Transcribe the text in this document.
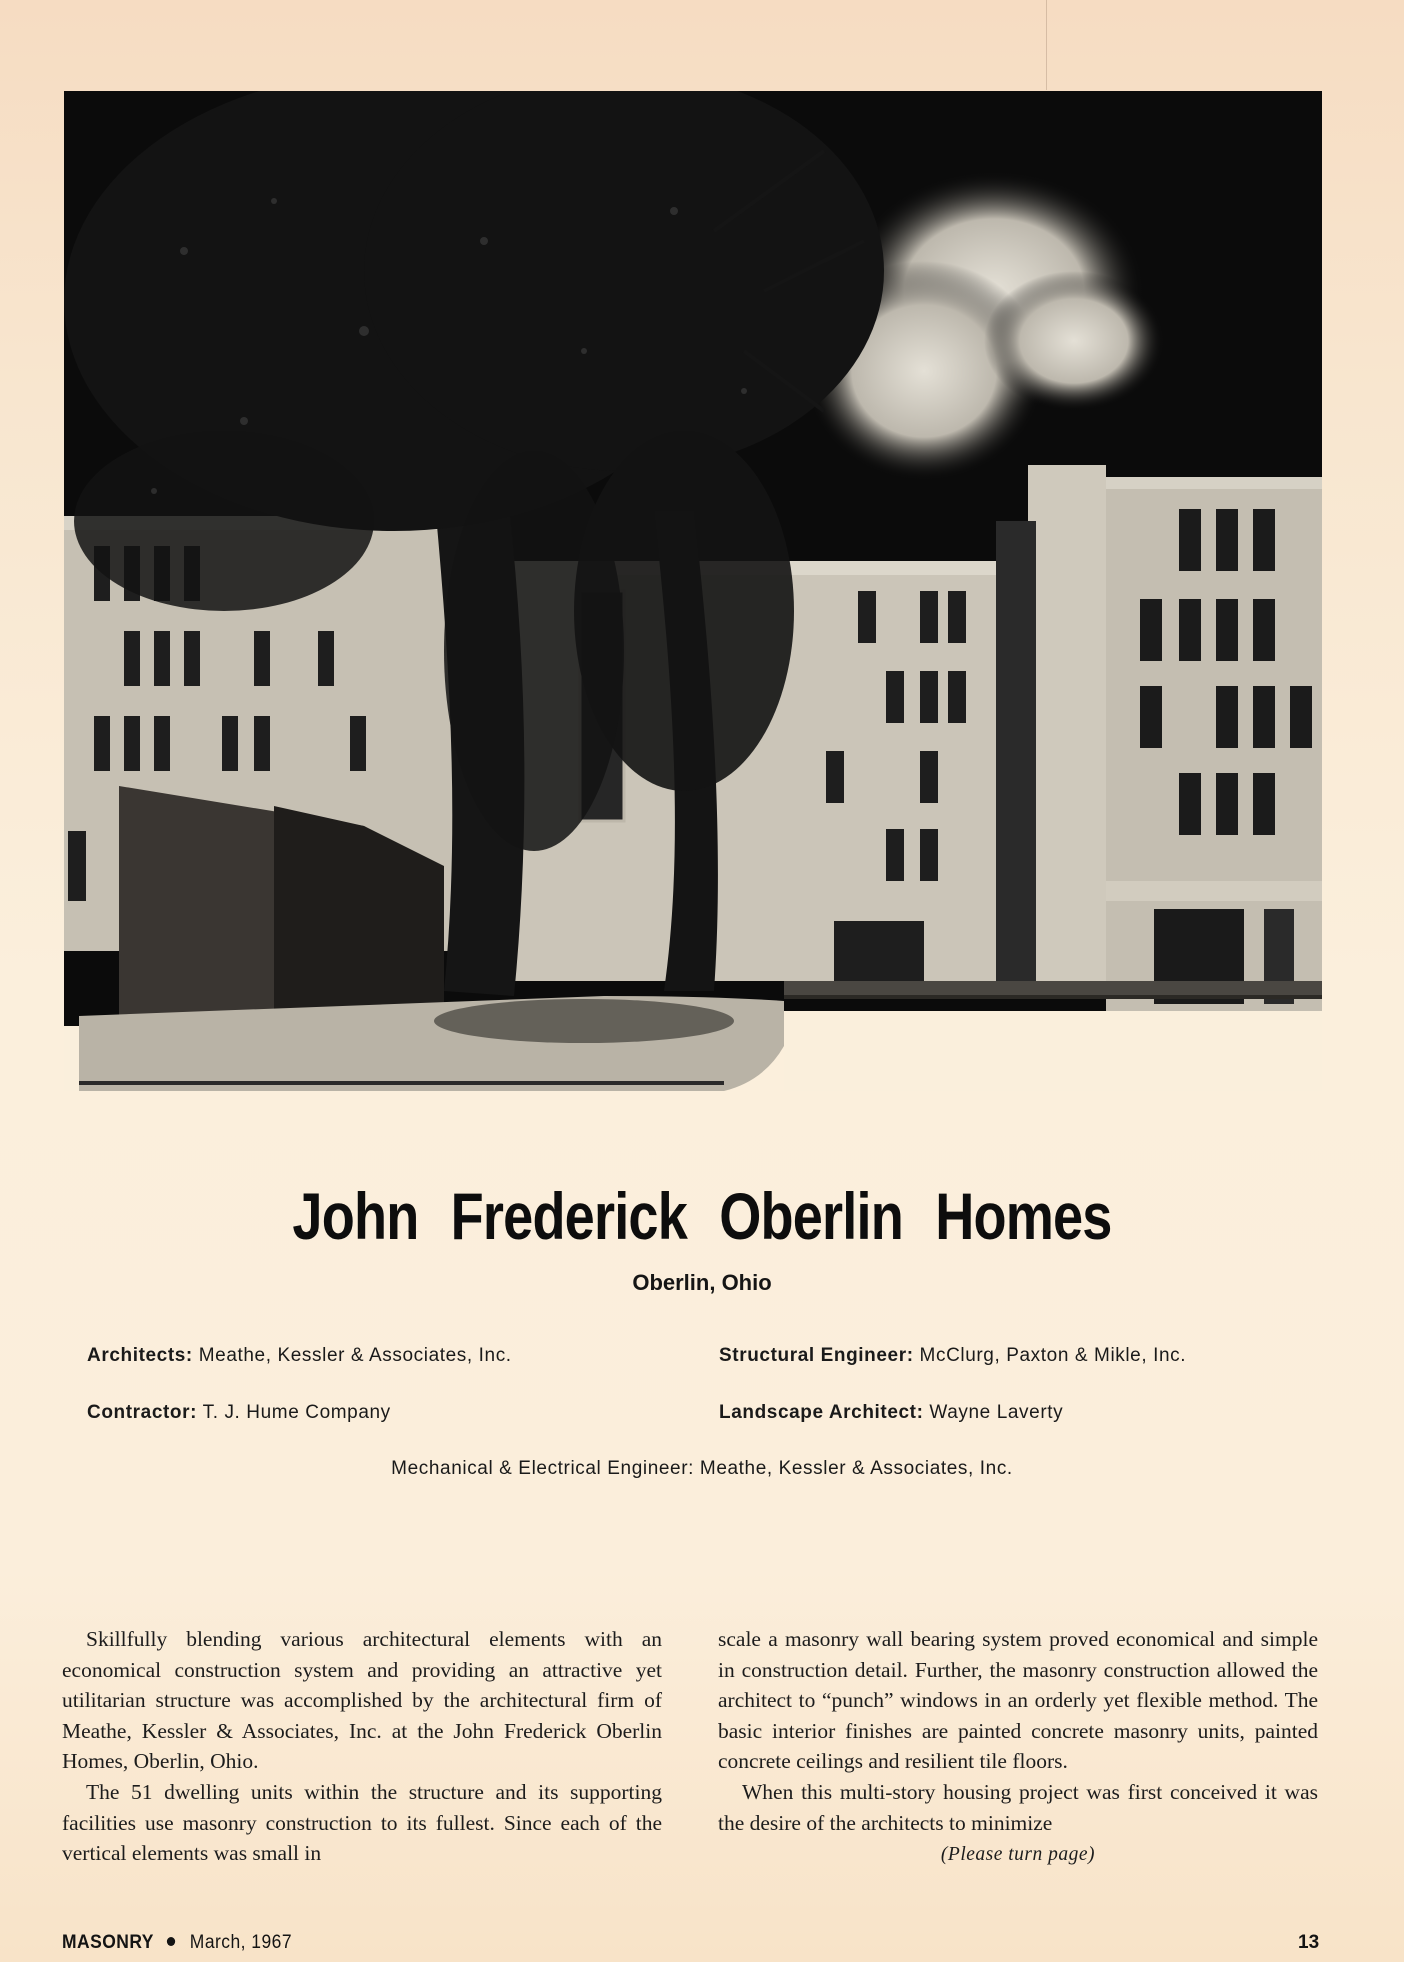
John Frederick Oberlin Homes
Oberlin, Ohio
Architects: Meathe, Kessler & Associates, Inc.
Contractor: T. J. Hume Company
Structural Engineer: McClurg, Paxton & Mikle, Inc.
Landscape Architect: Wayne Laverty
Mechanical & Electrical Engineer: Meathe, Kessler & Associates, Inc.

Skillfully blending various architectural elements with an economical construction system and providing an attractive yet utilitarian structure was accomplished by the architectural firm of Meathe, Kessler & Associates, Inc. at the John Frederick Oberlin Homes, Oberlin, Ohio.

The 51 dwelling units within the structure and its supporting facilities use masonry construction to its fullest. Since each of the vertical elements was small in

scale a masonry wall bearing system proved economical and simple in construction detail. Further, the masonry construction allowed the architect to “punch” windows in an orderly yet flexible method. The basic interior finishes are painted concrete masonry units, painted concrete ceilings and resilient tile floors.

When this multi-story housing project was first conceived it was the desire of the architects to minimize

(Please turn page)
MASONRY March, 1967	13
